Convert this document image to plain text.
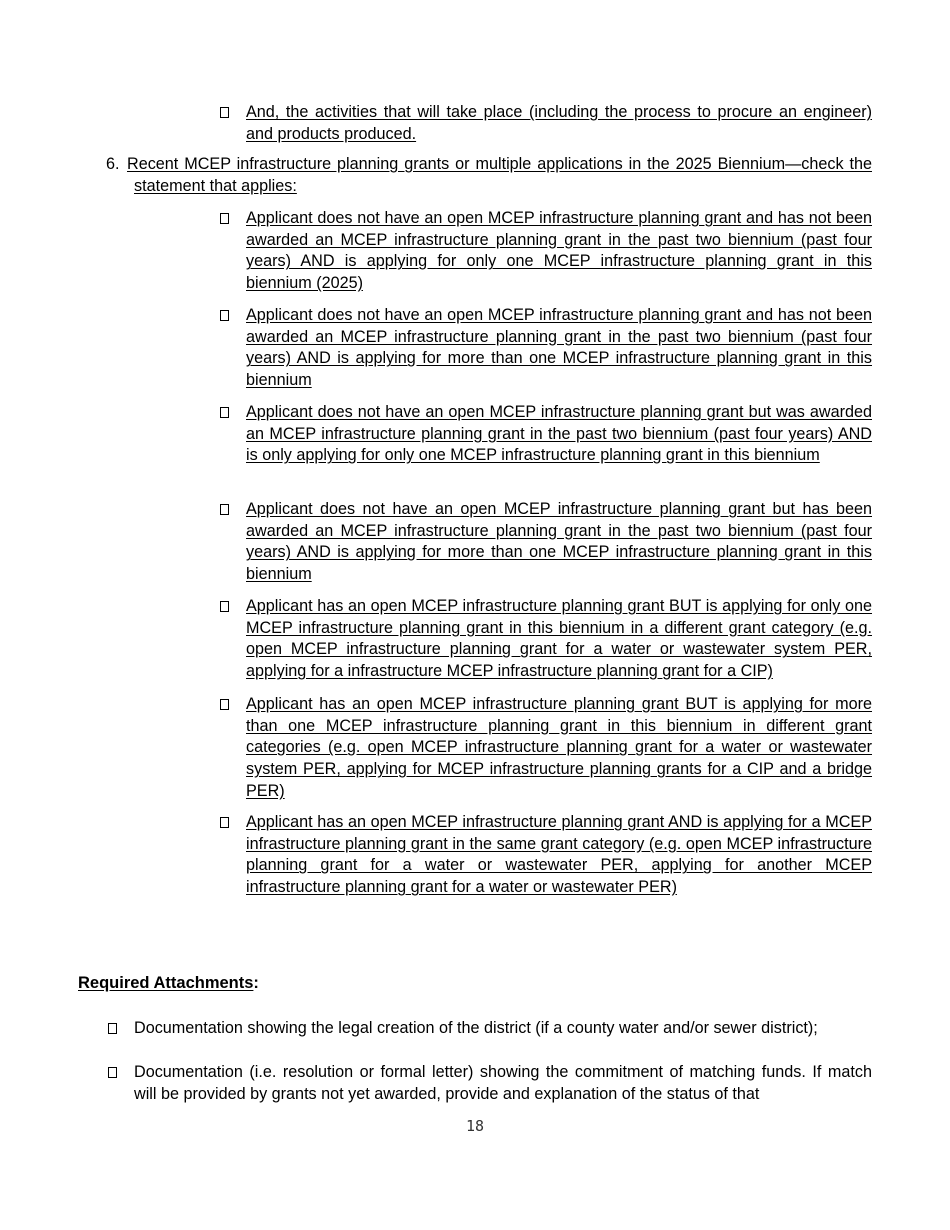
And, the activities that will take place (including the process to procure an engineer) and products produced.
6. Recent MCEP infrastructure planning grants or multiple applications in the 2025 Biennium—check the statement that applies:
Applicant does not have an open MCEP infrastructure planning grant and has not been awarded an MCEP infrastructure planning grant in the past two biennium (past four years) AND is applying for only one MCEP infrastructure planning grant in this biennium (2025)
Applicant does not have an open MCEP infrastructure planning grant and has not been awarded an MCEP infrastructure planning grant in the past two biennium (past four years) AND is applying for more than one MCEP infrastructure planning grant in this biennium
Applicant does not have an open MCEP infrastructure planning grant but was awarded an MCEP infrastructure planning grant in the past two biennium (past four years) AND is only applying for only one MCEP infrastructure planning grant in this biennium
Applicant does not have an open MCEP infrastructure planning grant but has been awarded an MCEP infrastructure planning grant in the past two biennium (past four years) AND is applying for more than one MCEP infrastructure planning grant in this biennium
Applicant has an open MCEP infrastructure planning grant BUT is applying for only one MCEP infrastructure planning grant in this biennium in a different grant category (e.g. open MCEP infrastructure planning grant for a water or wastewater system PER, applying for a infrastructure MCEP infrastructure planning grant for a CIP)
Applicant has an open MCEP infrastructure planning grant BUT is applying for more than one MCEP infrastructure planning grant in this biennium in different grant categories (e.g. open MCEP infrastructure planning grant for a water or wastewater system PER, applying for MCEP infrastructure planning grants for a CIP and a bridge PER)
Applicant has an open MCEP infrastructure planning grant AND is applying for a MCEP infrastructure planning grant in the same grant category (e.g. open MCEP infrastructure planning grant for a water or wastewater PER, applying for another MCEP infrastructure planning grant for a water or wastewater PER)
Required Attachments:
Documentation showing the legal creation of the district (if a county water and/or sewer district);
Documentation (i.e. resolution or formal letter) showing the commitment of matching funds. If match will be provided by grants not yet awarded, provide and explanation of the status of that
18
